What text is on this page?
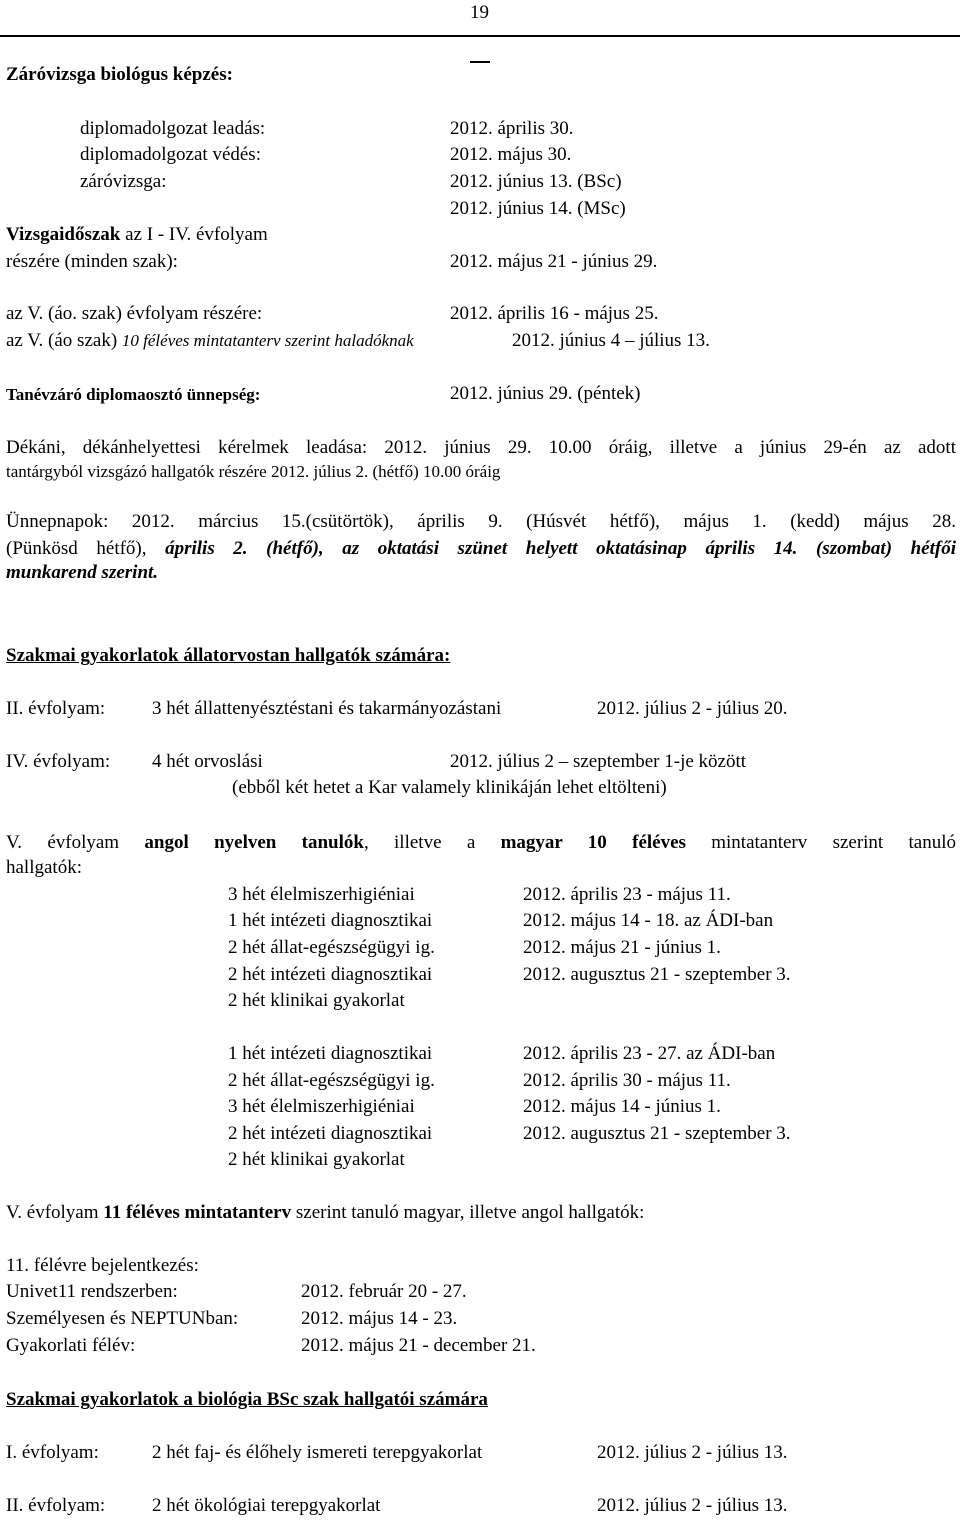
19
Záróvizsga biológus képzés:
diplomadolgozat leadás:	2012. április 30.
diplomadolgozat védés:	2012. május 30.
záróvizsga:	2012. június 13. (BSc)
2012. június 14. (MSc)
Vizsgaidőszak az I - IV. évfolyam
részére (minden szak):	2012. május 21 - június 29.
az V. (áo. szak) évfolyam részére:	2012. április 16 - május 25.
az V. (áo szak) 10 féléves mintatanterv szerint haladóknak	2012. június 4 – július 13.
Tanévzáró diplomaosztó ünnepség:	2012. június 29. (péntek)
Dékáni, dékánhelyettesi kérelmek leadása: 2012. június 29. 10.00 óráig, illetve a június 29-én az adott
tantárgyból vizsgázó hallgatók részére 2012. július 2. (hétfő) 10.00 óráig
Ünnepnapok: 2012. március 15.(csütörtök), április 9. (Húsvét hétfő), május 1. (kedd) május 28.
(Pünkösd hétfő), április 2. (hétfő), az oktatási szünet helyett oktatásinap április 14. (szombat) hétfői
munkarend szerint.
Szakmai gyakorlatok állatorvostan hallgatók számára:
II. évfolyam: 3 hét állattenyésztéstani és takarmányozástani	2012. július 2 - július 20.
IV. évfolyam: 4 hét orvoslási	2012. július 2 – szeptember 1-je között
(ebből két hetet a Kar valamely klinikáján lehet eltölteni)
V. évfolyam angol nyelven tanulók, illetve a magyar 10 féléves mintatanterv szerint tanuló
hallgatók:
3 hét élelmiszerhigiéniai	2012. április 23 - május 11.
1 hét intézeti diagnosztikai	2012. május 14 - 18. az ÁDI-ban
2 hét állat-egészségügyi ig.	2012. május 21 - június 1.
2 hét intézeti diagnosztikai	2012. augusztus 21 - szeptember 3.
2 hét klinikai gyakorlat
1 hét intézeti diagnosztikai	2012. április 23 - 27. az ÁDI-ban
2 hét állat-egészségügyi ig.	2012. április 30 - május 11.
3 hét élelmiszerhigiéniai	2012. május 14 - június 1.
2 hét intézeti diagnosztikai	2012. augusztus 21 - szeptember 3.
2 hét klinikai gyakorlat
V. évfolyam 11 féléves mintatanterv szerint tanuló magyar, illetve angol hallgatók:
11. félévre bejelentkezés:
Univet11 rendszerben:	2012. február 20 - 27.
Személyesen és NEPTUNban:	2012. május 14 - 23.
Gyakorlati félév:	2012. május 21 - december 21.
Szakmai gyakorlatok a biológia BSc szak hallgatói számára
I. évfolyam:	2 hét faj- és élőhely ismereti terepgyakorlat	2012. július 2 - július 13.
II. évfolyam: 2 hét ökológiai terepgyakorlat	2012. július 2 - július 13.
